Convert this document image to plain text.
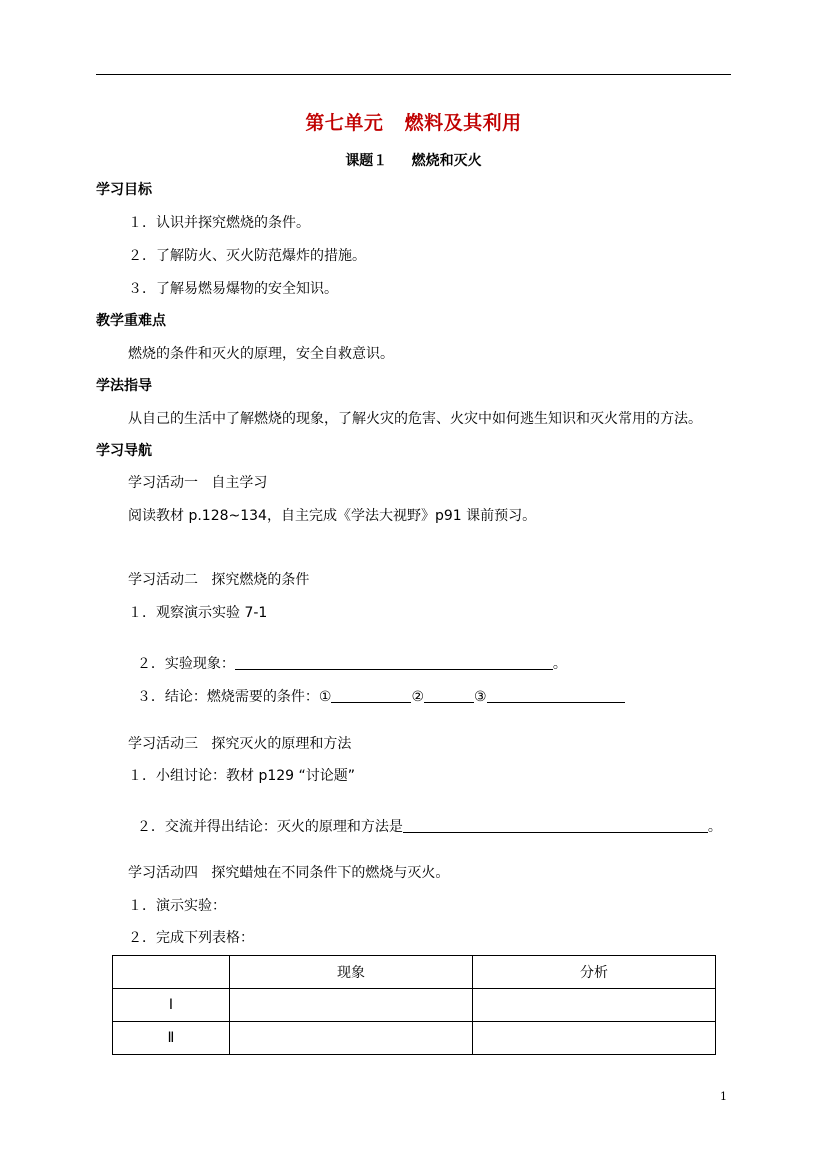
第七单元   燃料及其利用
课题１     燃烧和灭火
学习目标
１．认识并探究燃烧的条件。
２．了解防火、灭火防范爆炸的措施。
３．了解易燃易爆物的安全知识。
教学重难点
燃烧的条件和灭火的原理，安全自救意识。
学法指导
从自己的生活中了解燃烧的现象，了解火灾的危害、火灾中如何逃生知识和灭火常用的方法。
学习导航
学习活动一   自主学习
阅读教材 p.128~134，自主完成《学法大视野》p91 课前预习。
学习活动二   探究燃烧的条件
１．观察演示实验 7-1

２．实验现象：	。

３．结论：燃烧需要的条件：①	②	③

学习活动三   探究灭火的原理和方法
１．小组讨论：教材 p129 “讨论题”

２．交流并得出结论：灭火的原理和方法是	。

学习活动四   探究蜡烛在不同条件下的燃烧与灭火。
１．演示实验：
２．完成下列表格：
	现象	分析
Ⅰ		
Ⅱ		
1
